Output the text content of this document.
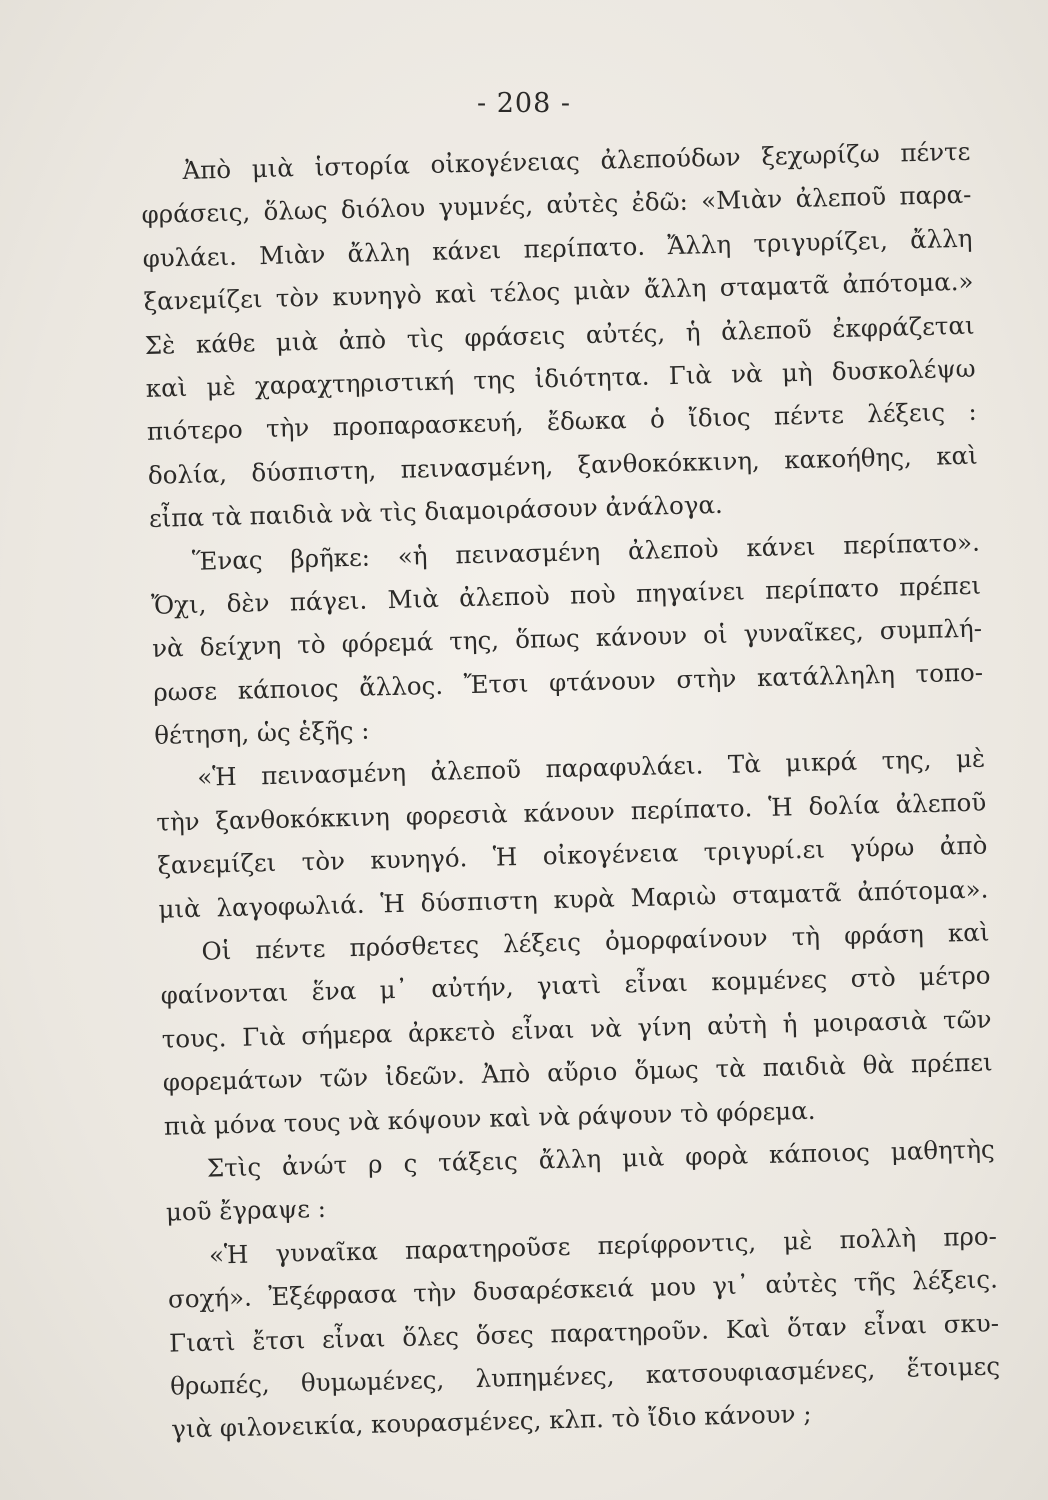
- 208 -
Ἀπὸ μιὰ ἱστορία οἰκογένειας ἀλεπούδων ξεχωρίζω πέντε
φράσεις, ὅλως διόλου γυμνές, αὐτὲς ἐδῶ: «Μιὰν ἀλεποῦ παρα-
φυλάει. Μιὰν ἄλλη κάνει περίπατο. Ἄλλη τριγυρίζει, ἄλλη
ξανεμίζει τὸν κυνηγὸ καὶ τέλος μιὰν ἄλλη σταματᾶ ἀπότομα.»
Σὲ κάθε μιὰ ἀπὸ τὶς φράσεις αὐτές, ἡ ἀλεποῦ ἐκφράζεται
καὶ μὲ χαραχτηριστική της ἰδιότητα. Γιὰ νὰ μὴ δυσκολέψω
πιότερο τὴν προπαρασκευή, ἔδωκα ὁ ἴδιος πέντε λέξεις :
δολία, δύσπιστη, πεινασμένη, ξανθοκόκκινη, κακοήθης, καὶ
εἶπα τὰ παιδιὰ νὰ τὶς διαμοιράσουν ἀνάλογα.
Ἕνας βρῆκε: «ἡ πεινασμένη ἀλεποὺ κάνει περίπατο».
Ὄχι, δὲν πάγει. Μιὰ ἀλεποὺ ποὺ πηγαίνει περίπατο πρέπει
νὰ δείχνη τὸ φόρεμά της, ὅπως κάνουν οἱ γυναῖκες, συμπλή-
ρωσε κάποιος ἄλλος. Ἔτσι φτάνουν στὴν κατάλληλη τοπο-
θέτηση, ὡς ἑξῆς :
«Ἡ πεινασμένη ἀλεποῦ παραφυλάει. Τὰ μικρά της, μὲ
τὴν ξανθοκόκκινη φορεσιὰ κάνουν περίπατο. Ἡ δολία ἀλεποῦ
ξανεμίζει τὸν κυνηγό. Ἡ οἰκογένεια τριγυρί.ει γύρω ἀπὸ
μιὰ λαγοφωλιά. Ἡ δύσπιστη κυρὰ Μαριὼ σταματᾶ ἀπότομα».
Οἱ πέντε πρόσθετες λέξεις ὀμορφαίνουν τὴ φράση καὶ
φαίνονται ἕνα μ᾽ αὐτήν, γιατὶ εἶναι κομμένες στὸ μέτρο
τους. Γιὰ σήμερα ἀρκετὸ εἶναι νὰ γίνη αὐτὴ ἡ μοιρασιὰ τῶν
φορεμάτων τῶν ἰδεῶν. Ἀπὸ αὔριο ὅμως τὰ παιδιὰ θὰ πρέπει
πιὰ μόνα τους νὰ κόψουν καὶ νὰ ράψουν τὸ φόρεμα.
Στὶς ἀνώτ ρ ς τάξεις ἄλλη μιὰ φορὰ κάποιος μαθητὴς
μοῦ ἔγραψε :
«Ἡ γυναῖκα παρατηροῦσε περίφροντις, μὲ πολλὴ προ-
σοχή». Ἐξέφρασα τὴν δυσαρέσκειά μου γι᾽ αὐτὲς τῆς λέξεις.
Γιατὶ ἔτσι εἶναι ὅλες ὅσες παρατηροῦν. Καὶ ὅταν εἶναι σκυ-
θρωπές, θυμωμένες, λυπημένες, κατσουφιασμένες, ἕτοιμες
γιὰ φιλονεικία, κουρασμένες, κλπ. τὸ ἴδιο κάνουν ;
